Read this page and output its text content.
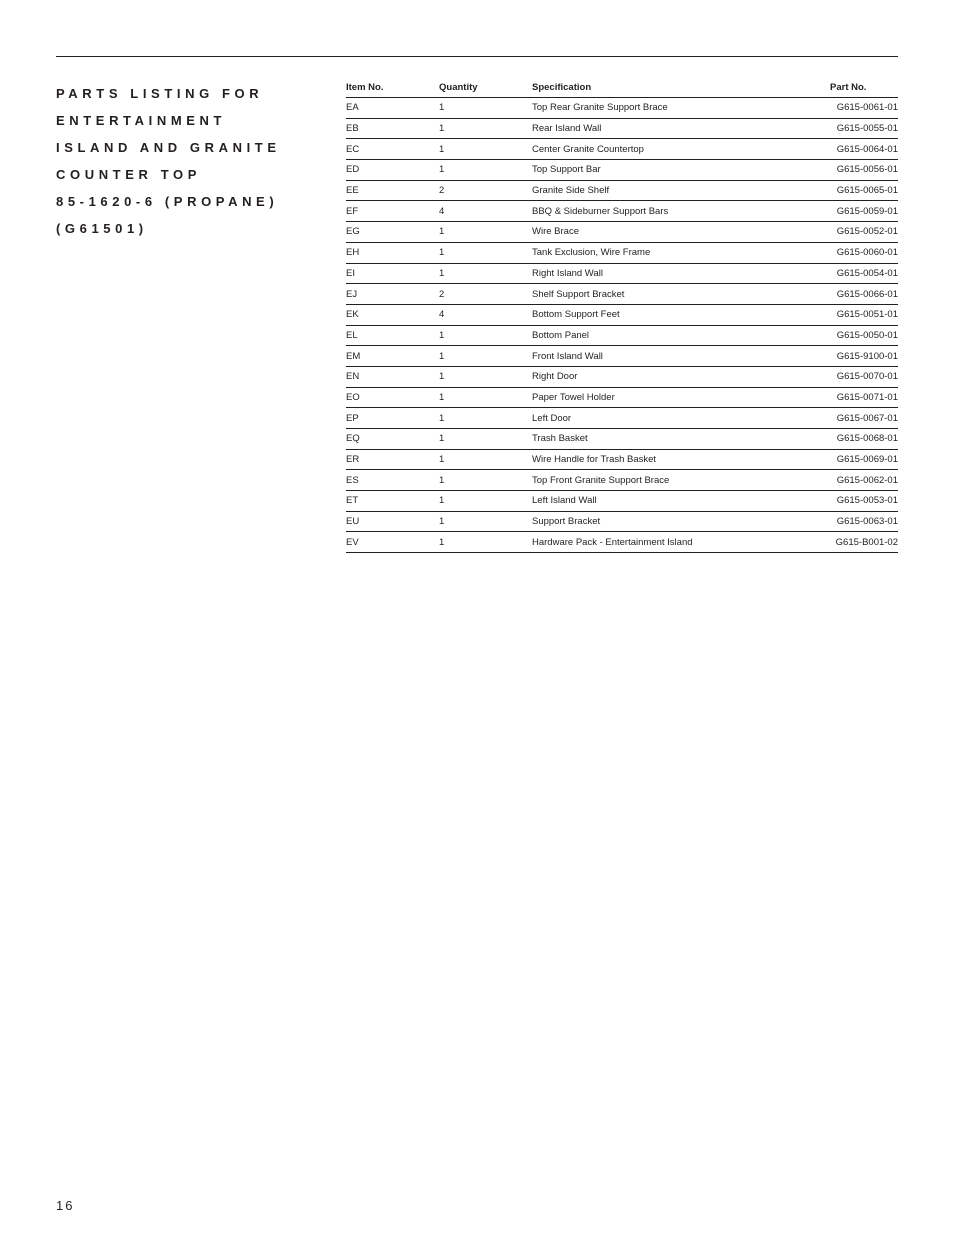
PARTS LISTING FOR
ENTERTAINMENT
ISLAND AND GRANITE
COUNTER TOP
85-1620-6 (PROPANE)
(G61501)
Item No.	Quantity	Specification	Part No.
EA	1	Top Rear Granite Support Brace	G615-0061-01
EB	1	Rear Island Wall	G615-0055-01
EC	1	Center Granite Countertop	G615-0064-01
ED	1	Top Support Bar	G615-0056-01
EE	2	Granite Side Shelf	G615-0065-01
EF	4	BBQ & Sideburner Support Bars	G615-0059-01
EG	1	Wire Brace	G615-0052-01
EH	1	Tank Exclusion, Wire Frame	G615-0060-01
EI	1	Right Island Wall	G615-0054-01
EJ	2	Shelf Support Bracket	G615-0066-01
EK	4	Bottom Support Feet	G615-0051-01
EL	1	Bottom Panel	G615-0050-01
EM	1	Front Island Wall	G615-9100-01
EN	1	Right Door	G615-0070-01
EO	1	Paper Towel Holder	G615-0071-01
EP	1	Left Door	G615-0067-01
EQ	1	Trash Basket	G615-0068-01
ER	1	Wire Handle for Trash Basket	G615-0069-01
ES	1	Top Front Granite Support Brace	G615-0062-01
ET	1	Left Island Wall	G615-0053-01
EU	1	Support Bracket	G615-0063-01
EV	1	Hardware Pack - Entertainment Island	G615-B001-02
16
